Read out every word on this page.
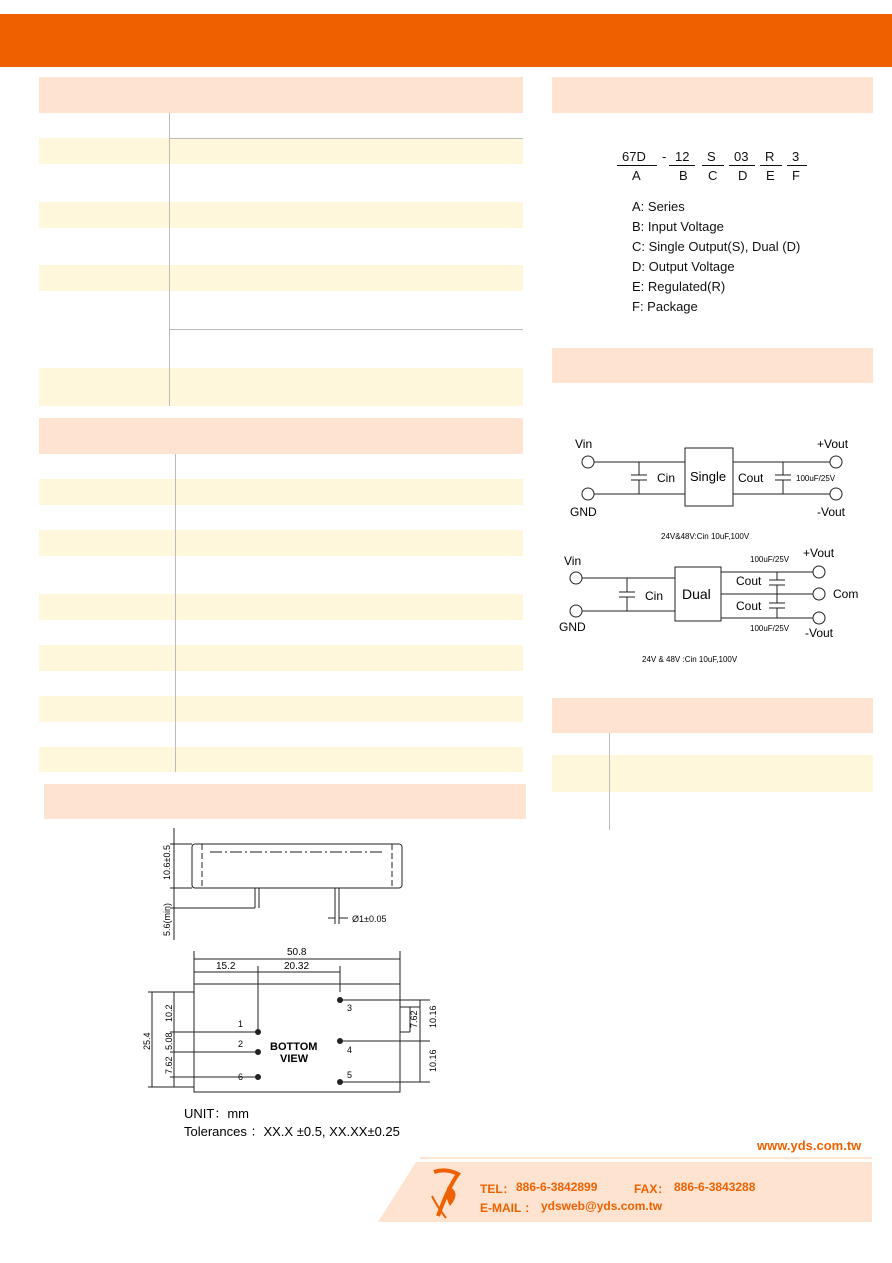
67D - 12 S 03 R 3
A	B C D E F
A: Series
B: Input Voltage
C: Single Output(S), Dual (D)
D: Output Voltage
E: Regulated(R)
F: Package
Vin
GND
Cin Single Cout	100uF/25V
+Vout
-Vout
24V&48V:Cin 10uF,100V
Vin
GND
Cin Dual
Cout
Cout
100uF/25V
100uF/25V
+Vout
Com
-Vout
24V & 48V :Cin 10uF,100V
10.6±0.5
5.6(min)	Ø1±0.05
50.8
15.2	20.32
25.4
10.2
5.08
7.62
7.62 10.16
10.16
1
2
3
4
5
6
BOTTOM
VIEW
UNIT：mm
Tolerances ：XX.X ±0.5, XX.XX±0.25
www.yds.com.tw
TEL： 886-6-3842899	FAX： 886-6-3843288
E-MAIL ： ydsweb@yds.com.tw
